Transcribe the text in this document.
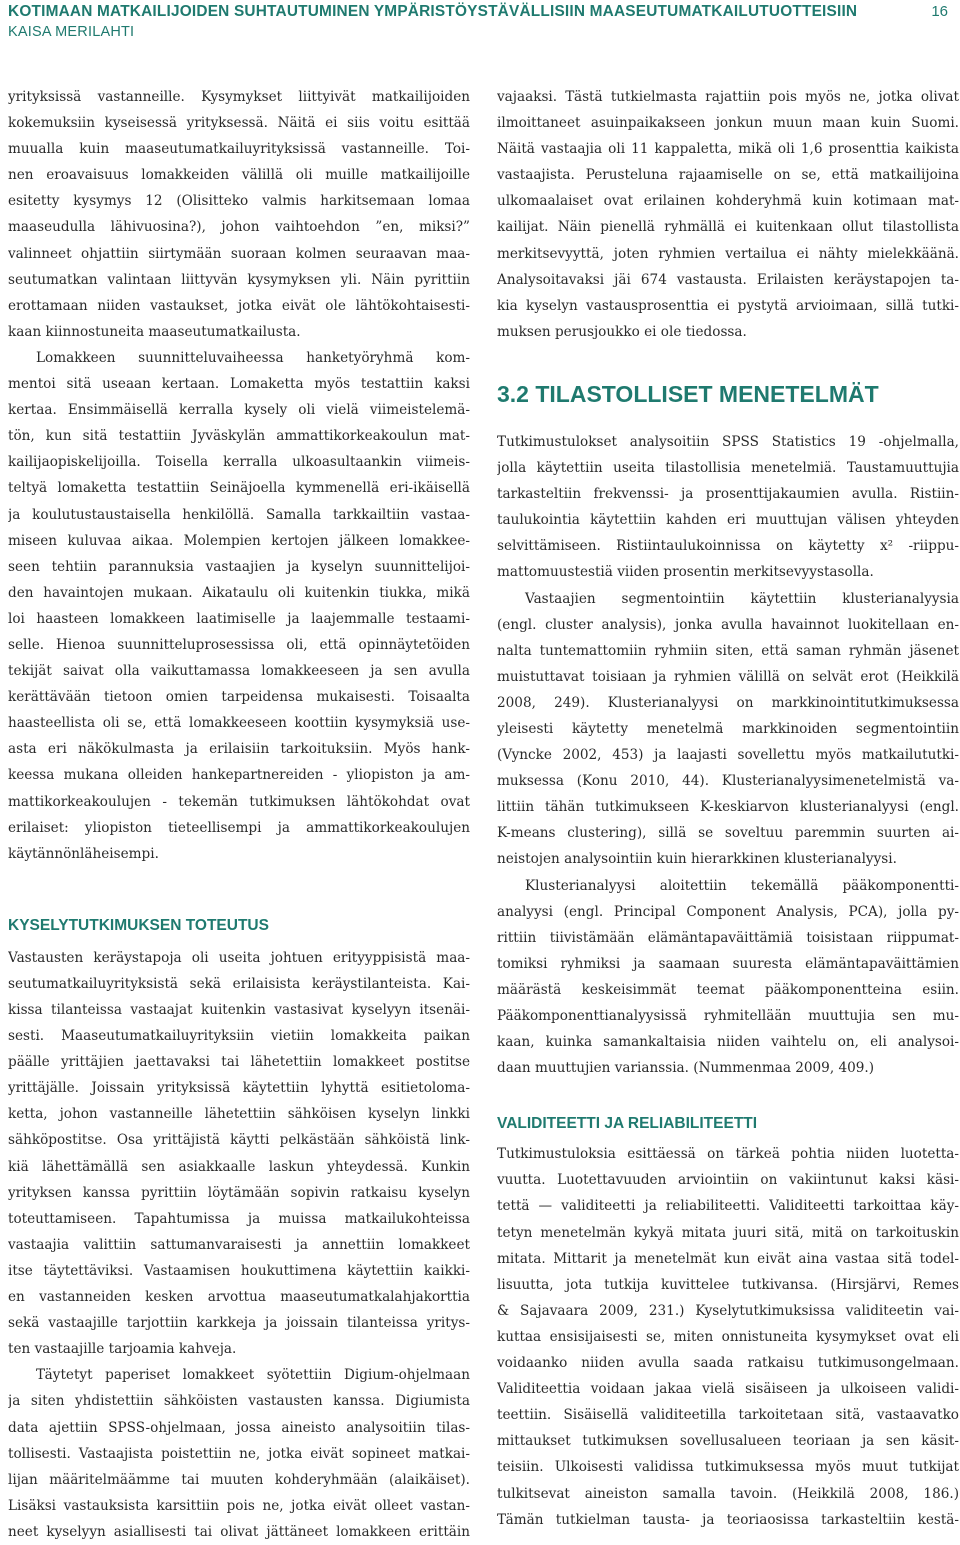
KOTIMAAN MATKAILIJOIDEN SUHTAUTUMINEN YMPÄRISTÖYSTÄVÄLLISIIN MAASEUTUMATKAILUTUOTTEISIIN
KAISA MERILAHTI
16
yrityksissä vastanneille. Kysymykset liittyivät matkailijoiden
kokemuksiin kyseisessä yrityksessä. Näitä ei siis voitu esittää
muualla kuin maaseutumatkailuyrityksissä vastanneille. Toi-
nen eroavaisuus lomakkeiden välillä oli muille matkailijoille
esitetty kysymys 12 (Olisitteko valmis harkitsemaan lomaa
maaseudulla lähivuosina?), johon vaihtoehdon ”en, miksi?”
valinneet ohjattiin siirtymään suoraan kolmen seuraavan maa-
seutumatkan valintaan liittyvän kysymyksen yli. Näin pyrittiin
erottamaan niiden vastaukset, jotka eivät ole lähtökohtaisesti-
kaan kiinnostuneita maaseutumatkailusta.
Lomakkeen suunnitteluvaiheessa hanketyöryhmä kom-
mentoi sitä useaan kertaan. Lomaketta myös testattiin kaksi
kertaa. Ensimmäisellä kerralla kysely oli vielä viimeistelemä-
tön, kun sitä testattiin Jyväskylän ammattikorkeakoulun mat-
kailijaopiskelijoilla. Toisella kerralla ulkoasultaankin viimeis-
teltyä lomaketta testattiin Seinäjoella kymmenellä eri-ikäisellä
ja koulutustaustaisella henkilöllä. Samalla tarkkailtiin vastaa-
miseen kuluvaa aikaa. Molempien kertojen jälkeen lomakkee-
seen tehtiin parannuksia vastaajien ja kyselyn suunnittelijoi-
den havaintojen mukaan. Aikataulu oli kuitenkin tiukka, mikä
loi haasteen lomakkeen laatimiselle ja laajemmalle testaami-
selle. Hienoa suunnitteluprosessissa oli, että opinnäytetöiden
tekijät saivat olla vaikuttamassa lomakkeeseen ja sen avulla
kerättävään tietoon omien tarpeidensa mukaisesti. Toisaalta
haasteellista oli se, että lomakkeeseen koottiin kysymyksiä use-
asta eri näkökulmasta ja erilaisiin tarkoituksiin. Myös hank-
keessa mukana olleiden hankepartnereiden - yliopiston ja am-
mattikorkeakoulujen - tekemän tutkimuksen lähtökohdat ovat
erilaiset: yliopiston tieteellisempi ja ammattikorkeakoulujen
käytännönläheisempi.
KYSELYTUTKIMUKSEN TOTEUTUS
Vastausten keräystapoja oli useita johtuen erityyppisistä maa-
seutumatkailuyrityksistä sekä erilaisista keräystilanteista. Kai-
kissa tilanteissa vastaajat kuitenkin vastasivat kyselyyn itsenäi-
sesti. Maaseutumatkailuyrityksiin vietiin lomakkeita paikan
päälle yrittäjien jaettavaksi tai lähetettiin lomakkeet postitse
yrittäjälle. Joissain yrityksissä käytettiin lyhyttä esitietoloma-
ketta, johon vastanneille lähetettiin sähköisen kyselyn linkki
sähköpostitse. Osa yrittäjistä käytti pelkästään sähköistä link-
kiä lähettämällä sen asiakkaalle laskun yhteydessä. Kunkin
yrityksen kanssa pyrittiin löytämään sopivin ratkaisu kyselyn
toteuttamiseen. Tapahtumissa ja muissa matkailukohteissa
vastaajia valittiin sattumanvaraisesti ja annettiin lomakkeet
itse täytettäviksi. Vastaamisen houkuttimena käytettiin kaikki-
en vastanneiden kesken arvottua maaseutumatkalahjakorttia
sekä vastaajille tarjottiin karkkeja ja joissain tilanteissa yritys-
ten vastaajille tarjoamia kahveja.
Täytetyt paperiset lomakkeet syötettiin Digium-ohjelmaan
ja siten yhdistettiin sähköisten vastausten kanssa. Digiumista
data ajettiin SPSS-ohjelmaan, jossa aineisto analysoitiin tilas-
tollisesti. Vastaajista poistettiin ne, jotka eivät sopineet matkai-
lijan määritelmäämme tai muuten kohderyhmään (alaikäiset).
Lisäksi vastauksista karsittiin pois ne, jotka eivät olleet vastan-
neet kyselyyn asiallisesti tai olivat jättäneet lomakkeen erittäin
vajaaksi. Tästä tutkielmasta rajattiin pois myös ne, jotka olivat
ilmoittaneet asuinpaikakseen jonkun muun maan kuin Suomi.
Näitä vastaajia oli 11 kappaletta, mikä oli 1,6 prosenttia kaikista
vastaajista. Perusteluna rajaamiselle on se, että matkailijoina
ulkomaalaiset ovat erilainen kohderyhmä kuin kotimaan mat-
kailijat. Näin pienellä ryhmällä ei kuitenkaan ollut tilastollista
merkitsevyyttä, joten ryhmien vertailua ei nähty mielekkäänä.
Analysoitavaksi jäi 674 vastausta. Erilaisten keräystapojen ta-
kia kyselyn vastausprosenttia ei pystytä arvioimaan, sillä tutki-
muksen perusjoukko ei ole tiedossa.
3.2 TILASTOLLISET MENETELMÄT
Tutkimustulokset analysoitiin SPSS Statistics 19 -ohjelmalla,
jolla käytettiin useita tilastollisia menetelmiä. Taustamuuttujia
tarkasteltiin frekvenssi- ja prosenttijakaumien avulla. Ristiin-
taulukointia käytettiin kahden eri muuttujan välisen yhteyden
selvittämiseen. Ristiintaulukoinnissa on käytetty x² -riippu-
mattomuustestiä viiden prosentin merkitsevyystasolla.
Vastaajien segmentointiin käytettiin klusterianalyysia
(engl. cluster analysis), jonka avulla havainnot luokitellaan en-
nalta tuntemattomiin ryhmiin siten, että saman ryhmän jäsenet
muistuttavat toisiaan ja ryhmien välillä on selvät erot (Heikkilä
2008, 249). Klusterianalyysi on markkinointitutkimuksessa
yleisesti käytetty menetelmä markkinoiden segmentointiin
(Vyncke 2002, 453) ja laajasti sovellettu myös matkailututki-
muksessa (Konu 2010, 44). Klusterianalyysimenetelmistä va-
littiin tähän tutkimukseen K-keskiarvon klusterianalyysi (engl.
K-means clustering), sillä se soveltuu paremmin suurten ai-
neistojen analysointiin kuin hierarkkinen klusterianalyysi.
Klusterianalyysi aloitettiin tekemällä pääkomponentti-
analyysi (engl. Principal Component Analysis, PCA), jolla py-
rittiin tiivistämään elämäntapaväittämiä toisistaan riippumat-
tomiksi ryhmiksi ja saamaan suuresta elämäntapaväittämien
määrästä keskeisimmät teemat pääkomponentteina esiin.
Pääkomponenttianalyysissä ryhmitellään muuttujia sen mu-
kaan, kuinka samankaltaisia niiden vaihtelu on, eli analysoi-
daan muuttujien varianssia. (Nummenmaa 2009, 409.)
VALIDITEETTI JA RELIABILITEETTI
Tutkimustuloksia esittäessä on tärkeä pohtia niiden luotetta-
vuutta. Luotettavuuden arviointiin on vakiintunut kaksi käsi-
tettä — validiteetti ja reliabiliteetti. Validiteetti tarkoittaa käy-
tetyn menetelmän kykyä mitata juuri sitä, mitä on tarkoituskin
mitata. Mittarit ja menetelmät kun eivät aina vastaa sitä todel-
lisuutta, jota tutkija kuvittelee tutkivansa. (Hirsjärvi, Remes
& Sajavaara 2009, 231.) Kyselytutkimuksissa validiteetin vai-
kuttaa ensisijaisesti se, miten onnistuneita kysymykset ovat eli
voidaanko niiden avulla saada ratkaisu tutkimusongelmaan.
Validiteettia voidaan jakaa vielä sisäiseen ja ulkoiseen validi-
teettiin. Sisäisellä validiteetilla tarkoitetaan sitä, vastaavatko
mittaukset tutkimuksen sovellusalueen teoriaan ja sen käsit-
teisiin. Ulkoisesti validissa tutkimuksessa myös muut tutkijat
tulkitsevat aineiston samalla tavoin. (Heikkilä 2008, 186.)
Tämän tutkielman tausta- ja teoriaosissa tarkasteltiin kestä-
